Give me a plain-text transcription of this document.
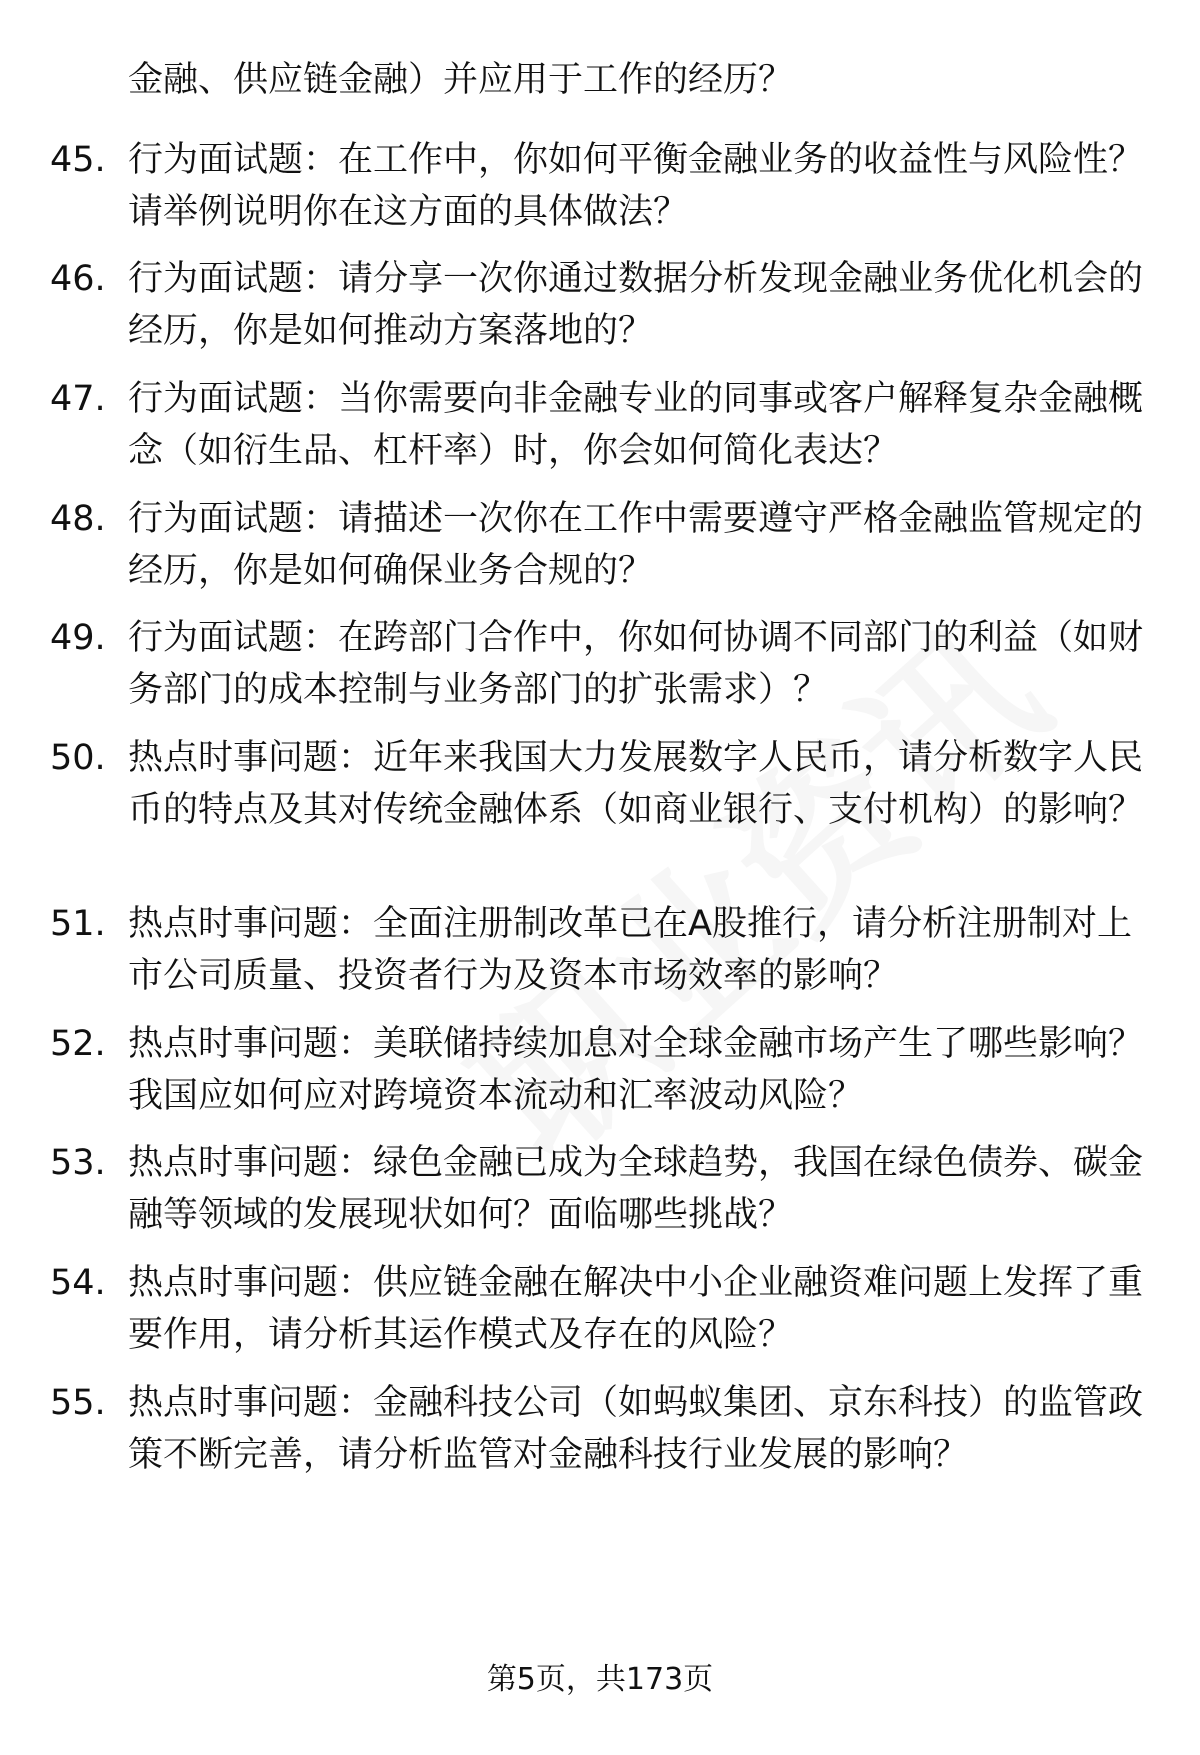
金融、供应链金融）并应用于工作的经历？
45. 行为面试题：在工作中，你如何平衡金融业务的收益性与风险性？请举例说明你在这方面的具体做法？
46. 行为面试题：请分享一次你通过数据分析发现金融业务优化机会的经历，你是如何推动方案落地的？
47. 行为面试题：当你需要向非金融专业的同事或客户解释复杂金融概念（如衍生品、杠杆率）时，你会如何简化表达？
48. 行为面试题：请描述一次你在工作中需要遵守严格金融监管规定的经历，你是如何确保业务合规的？
49. 行为面试题：在跨部门合作中，你如何协调不同部门的利益（如财务部门的成本控制与业务部门的扩张需求）？
50. 热点时事问题：近年来我国大力发展数字人民币，请分析数字人民币的特点及其对传统金融体系（如商业银行、支付机构）的影响？
51. 热点时事问题：全面注册制改革已在A股推行，请分析注册制对上市公司质量、投资者行为及资本市场效率的影响？
52. 热点时事问题：美联储持续加息对全球金融市场产生了哪些影响？我国应如何应对跨境资本流动和汇率波动风险？
53. 热点时事问题：绿色金融已成为全球趋势，我国在绿色债券、碳金融等领域的发展现状如何？面临哪些挑战？
54. 热点时事问题：供应链金融在解决中小企业融资难问题上发挥了重要作用，请分析其运作模式及存在的风险？
55. 热点时事问题：金融科技公司（如蚂蚁集团、京东科技）的监管政策不断完善，请分析监管对金融科技行业发展的影响？
第5页，共173页
